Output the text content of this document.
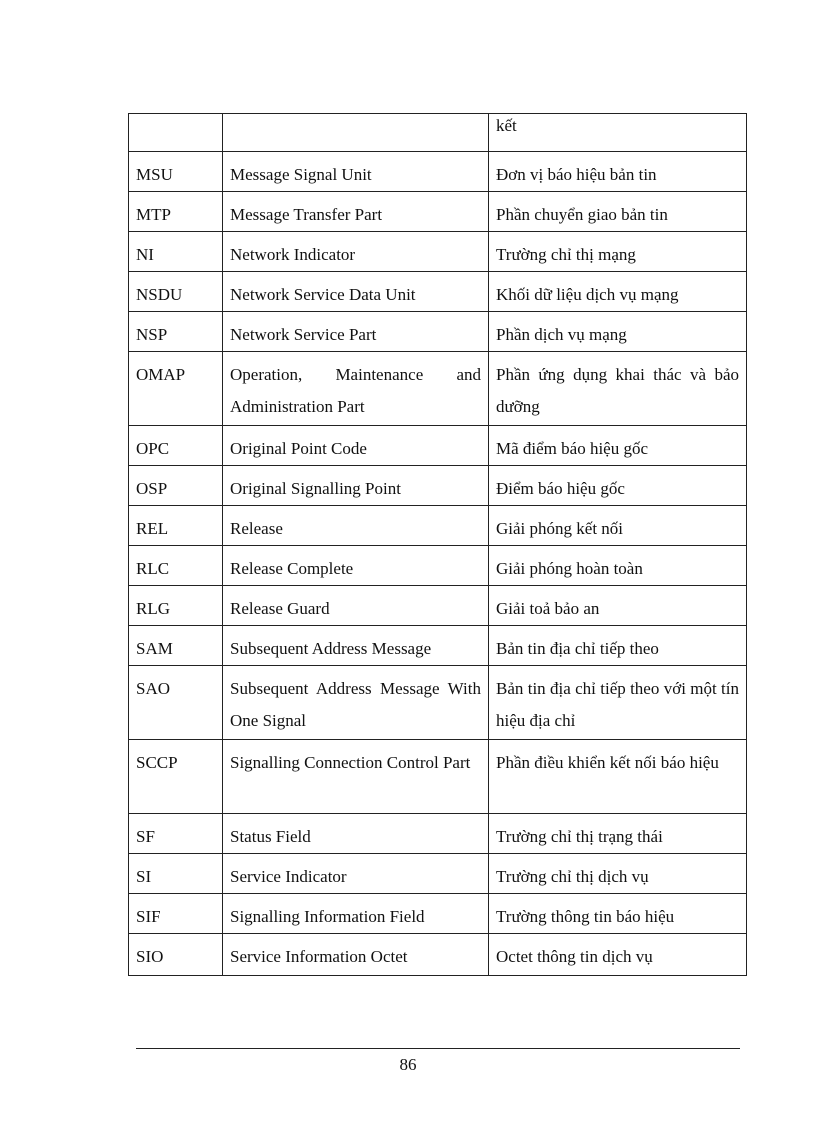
		kết
MSU	Message Signal Unit	Đơn vị báo hiệu bản tin
MTP	Message Transfer Part	Phần chuyển giao bản tin
NI	Network Indicator	Trường chỉ thị mạng
NSDU	Network Service Data Unit	Khối dữ liệu dịch vụ mạng
NSP	Network Service Part	Phần dịch vụ mạng
OMAP	Operation, Maintenance and Administration Part	Phần ứng dụng khai thác và bảo dưỡng
OPC	Original Point Code	Mã điểm báo hiệu gốc
OSP	Original Signalling Point	Điểm báo hiệu gốc
REL	Release	Giải phóng kết nối
RLC	Release Complete	Giải phóng hoàn toàn
RLG	Release Guard	Giải toả bảo an
SAM	Subsequent Address Message	Bản tin địa chỉ tiếp theo
SAO	Subsequent Address Message With One Signal	Bản tin địa chỉ tiếp theo với một tín hiệu địa chỉ
SCCP	Signalling Connection Control Part	Phần điều khiển kết nối báo hiệu
SF	Status Field	Trường chỉ thị trạng thái
SI	Service Indicator	Trường chỉ thị dịch vụ
SIF	Signalling Information Field	Trường thông tin báo hiệu
SIO	Service Information Octet	Octet thông tin dịch vụ
86
